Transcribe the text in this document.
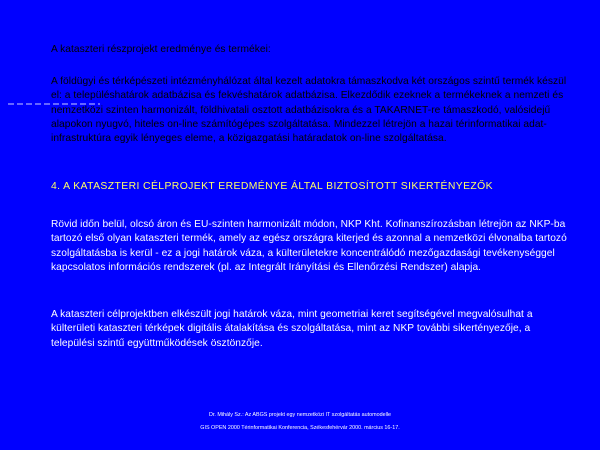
A kataszteri részprojekt eredménye és termékei:

A földügyi és térképészeti intézményhálózat által kezelt adatokra támaszkodva két országos szintű termék készül el: a településhatárok adatbázisa és fekvéshatárok adatbázisa. Elkezdődik ezeknek a termékeknek a nemzeti és nemzetközi szinten harmonizált, földhivatali osztott adatbázisokra és a TAKARNET-re támaszkodó, valósidejű alapokon nyugvó, hiteles on-line számítógépes szolgáltatása. Mindezzel létrejön a hazai térinformatikai adat-infrastruktúra egyik lényeges eleme, a közigazgatási határadatok on-line szolgáltatása.

4. A KATASZTERI CÉLPROJEKT EREDMÉNYE ÁLTAL BIZTOSÍTOTT SIKERTÉNYEZŐK

Rövid időn belül, olcsó áron és EU-szinten harmonizált módon, NKP Kht. Kofinanszírozásban létrejön az NKP-ba tartozó első olyan kataszteri termék, amely az egész országra kiterjed és azonnal a nemzetközi élvonalba tartozó szolgáltatásba is kerül - ez a jogi határok váza, a külterületekre koncentrálódó mezőgazdasági tevékenységgel kapcsolatos információs rendszerek (pl. az Integrált Irányítási és Ellenőrzési Rendszer) alapja.

A kataszteri célprojektben elkészült jogi határok váza, mint geometriai keret segítségével megvalósulhat a külterületi kataszteri térképek digitális átalakítása és szolgáltatása, mint az NKP további sikertényezője, a települési szintű együttműködések ösztönzője.

Dr. Mihály Sz.: Az ABGS projekt egy nemzetközi IT szolgáltatás automodelle

GIS OPEN 2000 Térinformatikai Konferencia, Székesfehérvár 2000. március 16-17.
